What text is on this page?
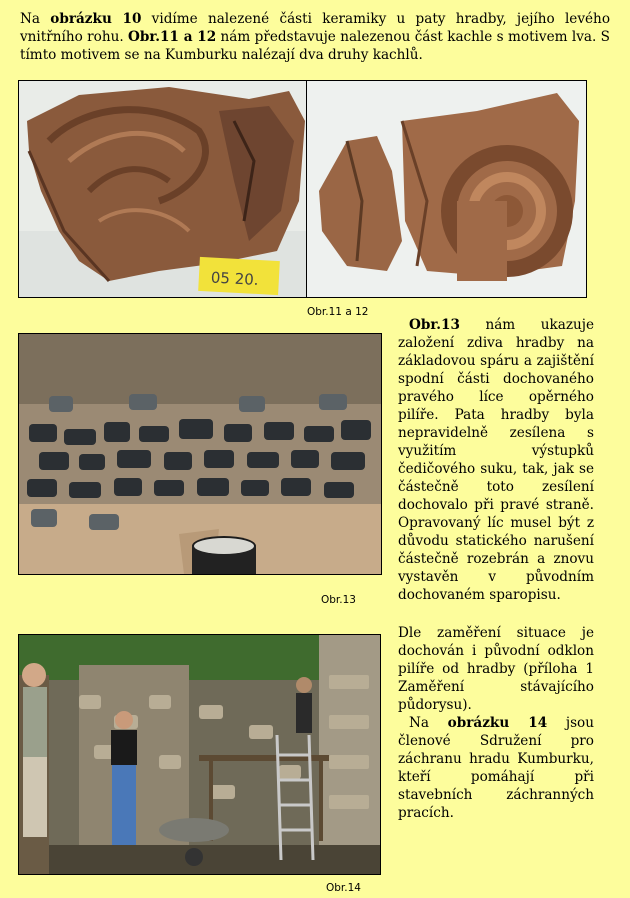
Na obrázku 10 vidíme nalezené části keramiky u paty hradby, jejího levého vnitřního rohu. Obr.11 a 12 nám představuje nalezenou část kachle s motivem lva. S tímto motivem se na Kumburku nalézají dva druhy kachlů.
05 20.
Obr.11 a 12
Obr.13
Obr.13 nám ukazuje založení zdiva hradby na základovou spáru a zajištění spodní části dochovaného pravého líce opěrného pilíře. Pata hradby byla nepravidelně zesílena s využitím výstupků čedičového suku, tak, jak se částečně toto zesílení dochovalo při pravé straně. Opravovaný líc musel být z důvodu statického narušení částečně rozebrán a znovu vystavěn v původním dochovaném sparopisu.
Dle zaměření situace je dochován i původní odklon pilíře od hradby (příloha 1 Zaměření stávajícího půdorysu).
Na obrázku 14 jsou členové Sdružení pro záchranu hradu Kumburku, kteří pomáhají při stavebních záchranných pracích.
Obr.14
